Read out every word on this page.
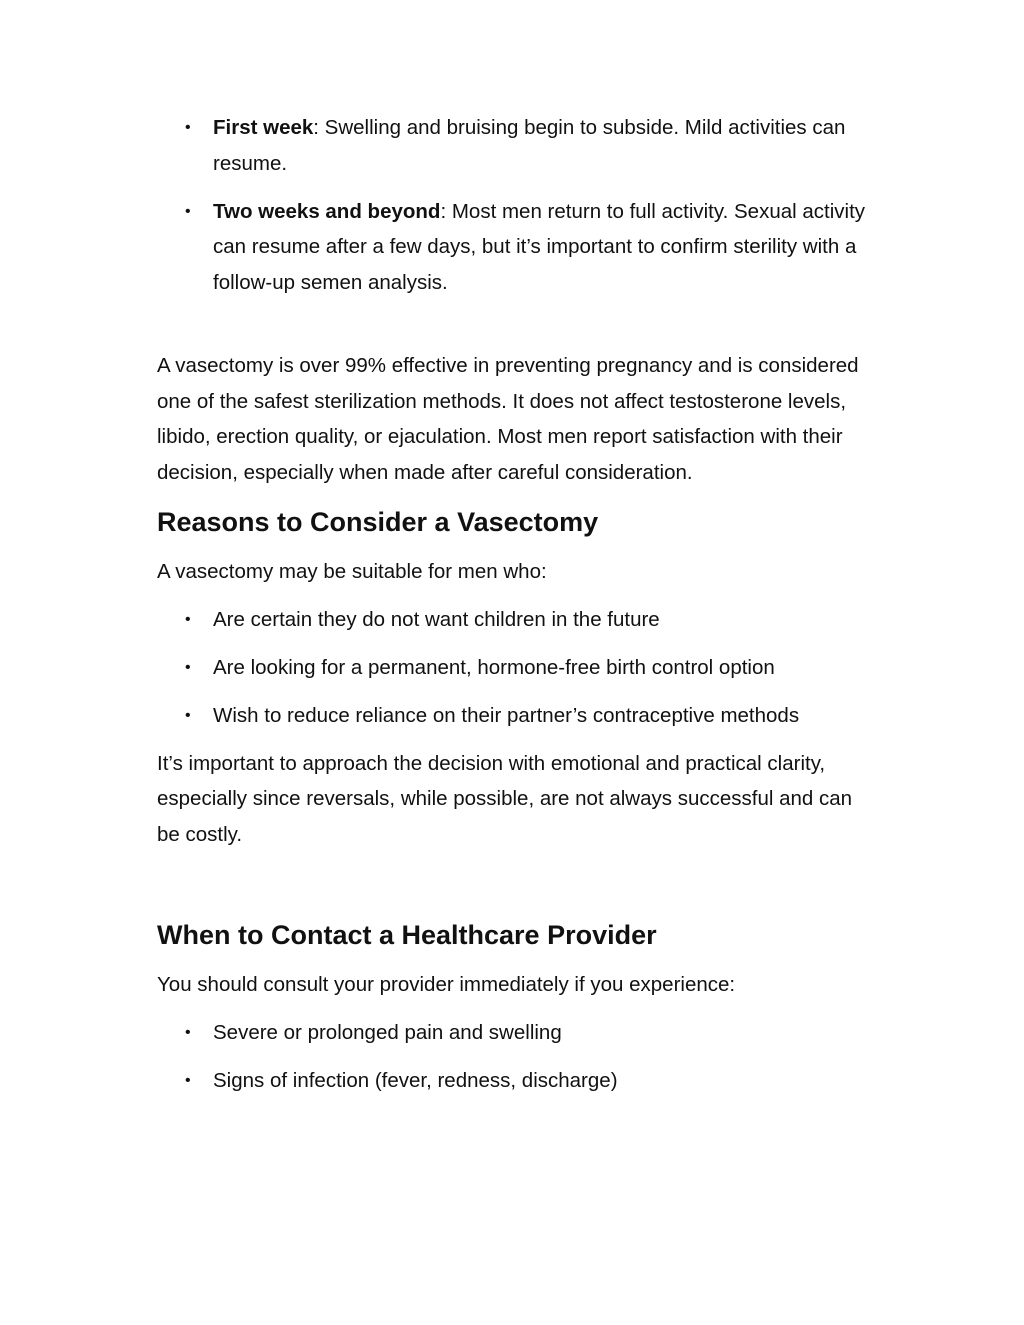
• First week: Swelling and bruising begin to subside. Mild activities can resume.
• Two weeks and beyond: Most men return to full activity. Sexual activity can resume after a few days, but it’s important to confirm sterility with a follow-up semen analysis.

A vasectomy is over 99% effective in preventing pregnancy and is considered one of the safest sterilization methods. It does not affect testosterone levels, libido, erection quality, or ejaculation. Most men report satisfaction with their decision, especially when made after careful consideration.

Reasons to Consider a Vasectomy

A vasectomy may be suitable for men who:

• Are certain they do not want children in the future
• Are looking for a permanent, hormone-free birth control option
• Wish to reduce reliance on their partner’s contraceptive methods

It’s important to approach the decision with emotional and practical clarity, especially since reversals, while possible, are not always successful and can be costly.

When to Contact a Healthcare Provider

You should consult your provider immediately if you experience:

• Severe or prolonged pain and swelling
• Signs of infection (fever, redness, discharge)
